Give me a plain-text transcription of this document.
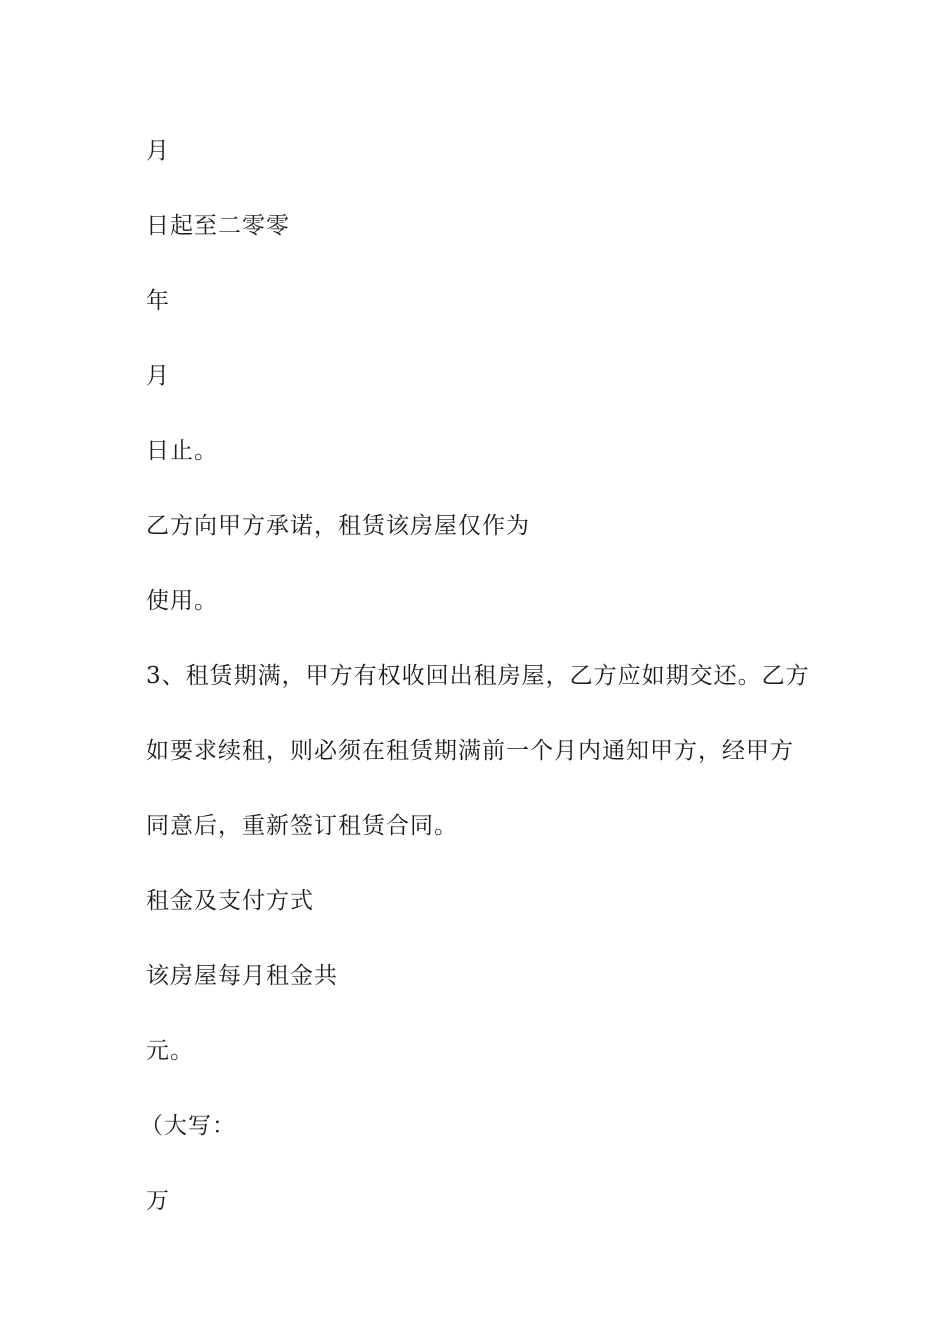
月

日起至二零零

年

月

日止。

乙方向甲方承诺，租赁该房屋仅作为

使用。

3、租赁期满，甲方有权收回出租房屋，乙方应如期交还。乙方

如要求续租，则必须在租赁期满前一个月内通知甲方，经甲方

同意后，重新签订租赁合同。

租金及支付方式

该房屋每月租金共

元。

（大写：

万
